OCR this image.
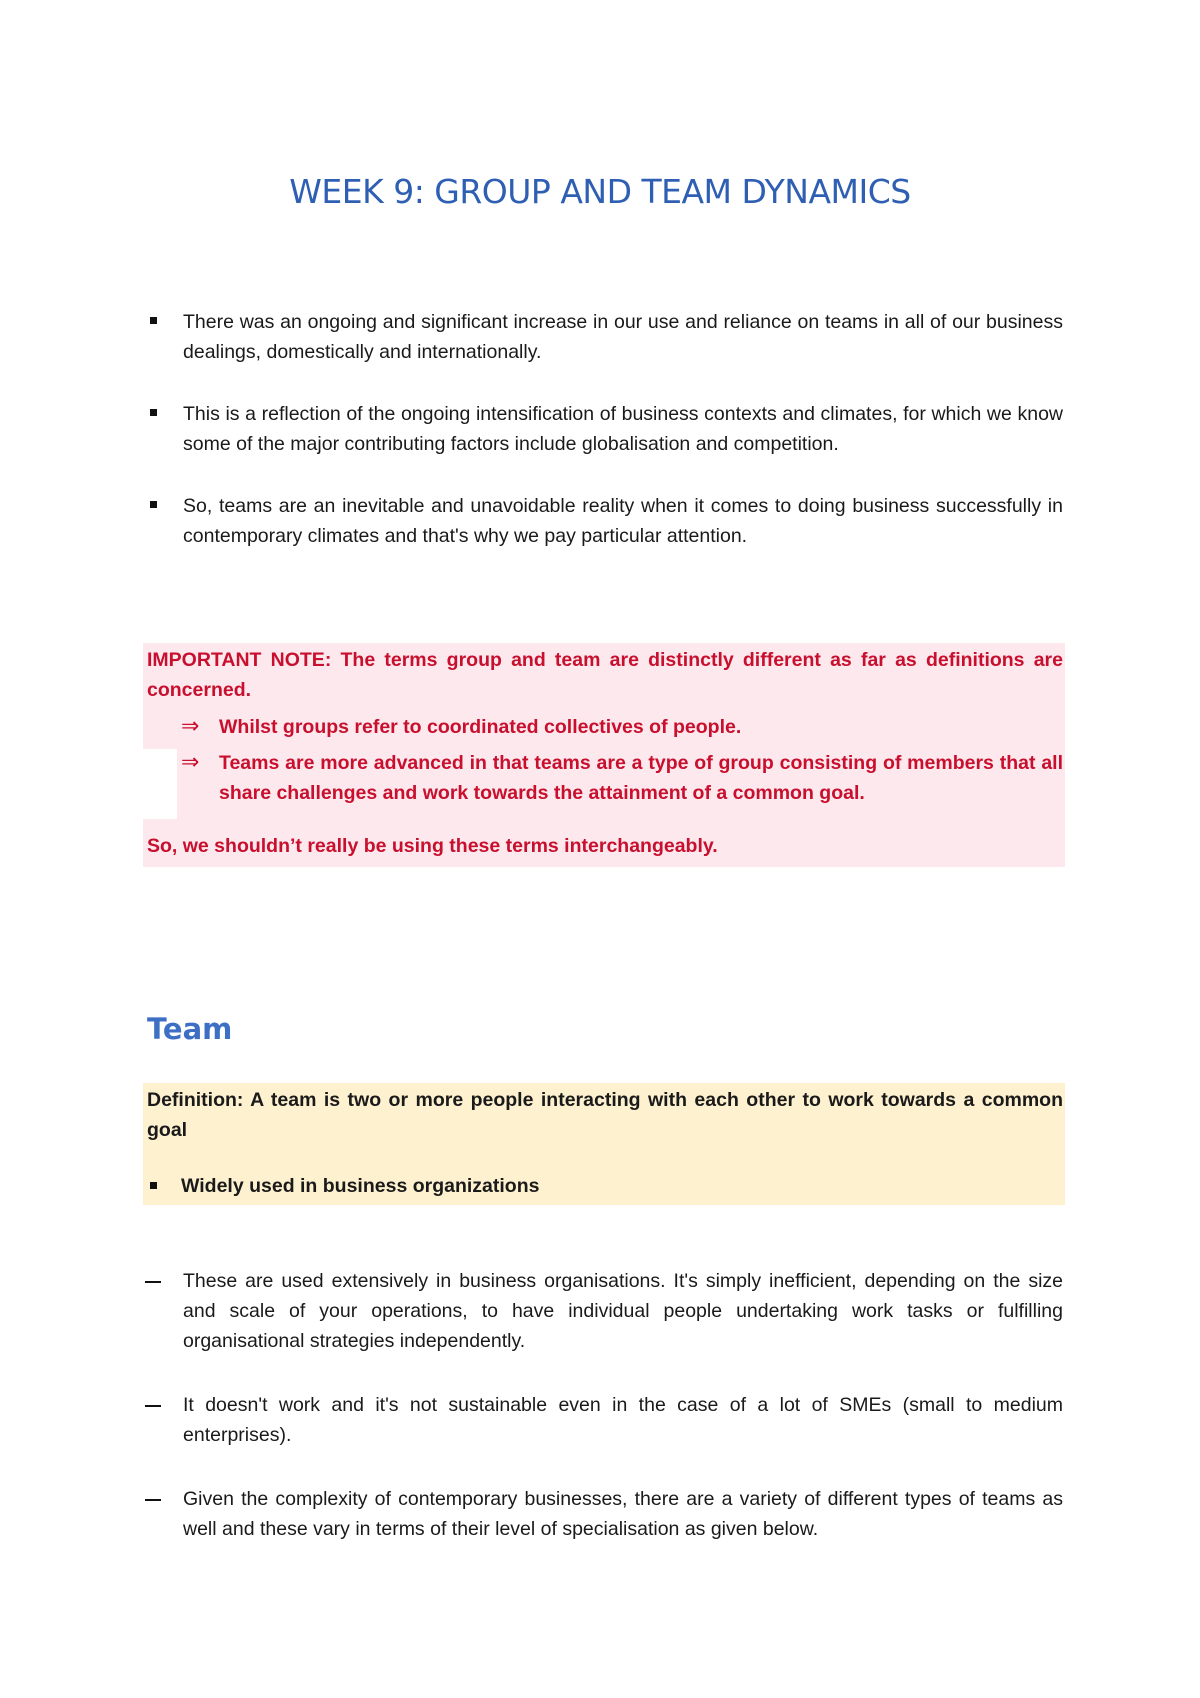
WEEK 9: GROUP AND TEAM DYNAMICS
There was an ongoing and significant increase in our use and reliance on teams in all of our business dealings, domestically and internationally.
This is a reflection of the ongoing intensification of business contexts and climates, for which we know some of the major contributing factors include globalisation and competition.
So, teams are an inevitable and unavoidable reality when it comes to doing business successfully in contemporary climates and that's why we pay particular attention.

IMPORTANT NOTE: The terms group and team are distinctly different as far as definitions are concerned.

⇒ Whilst groups refer to coordinated collectives of people.
⇒ Teams are more advanced in that teams are a type of group consisting of members that all share challenges and work towards the attainment of a common goal.

So, we shouldn’t really be using these terms interchangeably.

Team

Definition: A team is two or more people interacting with each other to work towards a common goal

Widely used in business organizations
These are used extensively in business organisations. It's simply inefficient, depending on the size and scale of your operations, to have individual people undertaking work tasks or fulfilling organisational strategies independently.
It doesn't work and it's not sustainable even in the case of a lot of SMEs (small to medium enterprises).
Given the complexity of contemporary businesses, there are a variety of different types of teams as well and these vary in terms of their level of specialisation as given below.
